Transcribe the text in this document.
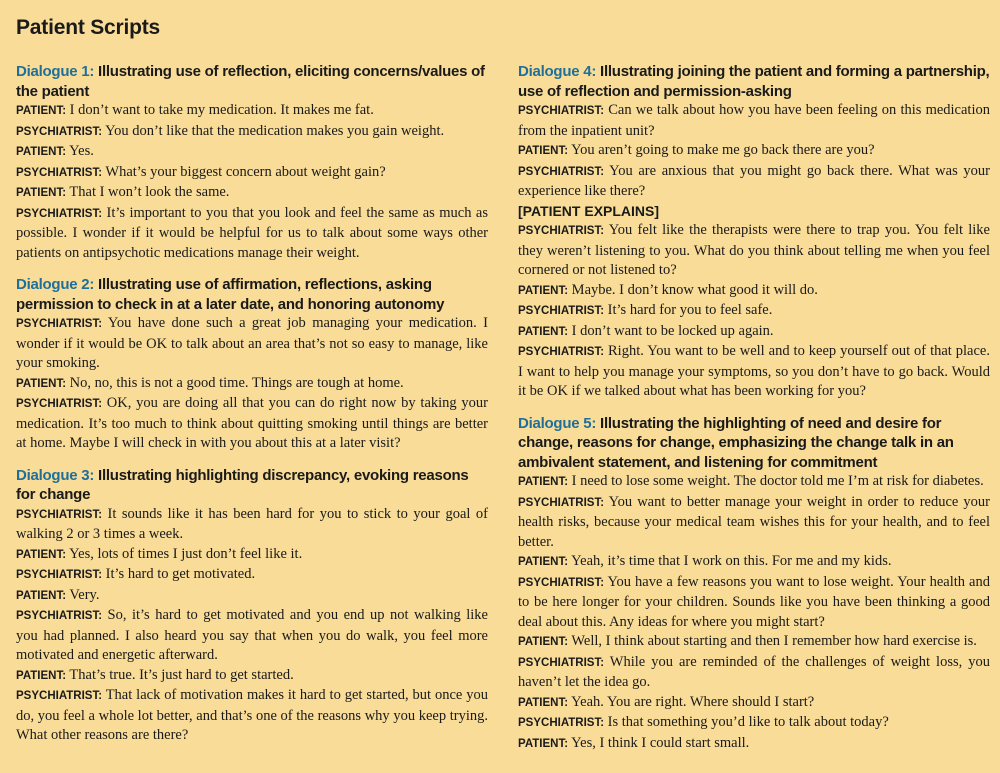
Patient Scripts
Dialogue 1: Illustrating use of reflection, eliciting concerns/values of the patient
PATIENT: I don’t want to take my medication. It makes me fat.
PSYCHIATRIST: You don’t like that the medication makes you gain weight.
PATIENT: Yes.
PSYCHIATRIST: What’s your biggest concern about weight gain?
PATIENT: That I won’t look the same.
PSYCHIATRIST: It’s important to you that you look and feel the same as much as possible. I wonder if it would be helpful for us to talk about some ways other patients on antipsychotic medications manage their weight.
Dialogue 2: Illustrating use of affirmation, reflections, asking permission to check in at a later date, and honoring autonomy
PSYCHIATRIST: You have done such a great job managing your medication. I wonder if it would be OK to talk about an area that’s not so easy to manage, like your smoking.
PATIENT: No, no, this is not a good time. Things are tough at home.
PSYCHIATRIST: OK, you are doing all that you can do right now by taking your medication. It’s too much to think about quitting smoking until things are better at home. Maybe I will check in with you about this at a later visit?
Dialogue 3: Illustrating highlighting discrepancy, evoking reasons for change
PSYCHIATRIST: It sounds like it has been hard for you to stick to your goal of walking 2 or 3 times a week.
PATIENT: Yes, lots of times I just don’t feel like it.
PSYCHIATRIST: It’s hard to get motivated.
PATIENT: Very.
PSYCHIATRIST: So, it’s hard to get motivated and you end up not walking like you had planned. I also heard you say that when you do walk, you feel more motivated and energetic afterward.
PATIENT: That’s true. It’s just hard to get started.
PSYCHIATRIST: That lack of motivation makes it hard to get started, but once you do, you feel a whole lot better, and that’s one of the reasons why you keep trying. What other reasons are there?
Dialogue 4: Illustrating joining the patient and forming a partnership, use of reflection and permission-asking
PSYCHIATRIST: Can we talk about how you have been feeling on this medication from the inpatient unit?
PATIENT: You aren’t going to make me go back there are you?
PSYCHIATRIST: You are anxious that you might go back there. What was your experience like there?
[PATIENT EXPLAINS]
PSYCHIATRIST: You felt like the therapists were there to trap you. You felt like they weren’t listening to you. What do you think about telling me when you feel cornered or not listened to?
PATIENT: Maybe. I don’t know what good it will do.
PSYCHIATRIST: It’s hard for you to feel safe.
PATIENT: I don’t want to be locked up again.
PSYCHIATRIST: Right. You want to be well and to keep yourself out of that place. I want to help you manage your symptoms, so you don’t have to go back. Would it be OK if we talked about what has been working for you?
Dialogue 5: Illustrating the highlighting of need and desire for change, reasons for change, emphasizing the change talk in an ambivalent statement, and listening for commitment
PATIENT: I need to lose some weight. The doctor told me I’m at risk for diabetes.
PSYCHIATRIST: You want to better manage your weight in order to reduce your health risks, because your medical team wishes this for your health, and to feel better.
PATIENT: Yeah, it’s time that I work on this. For me and my kids.
PSYCHIATRIST: You have a few reasons you want to lose weight. Your health and to be here longer for your children. Sounds like you have been thinking a good deal about this. Any ideas for where you might start?
PATIENT: Well, I think about starting and then I remember how hard exercise is.
PSYCHIATRIST: While you are reminded of the challenges of weight loss, you haven’t let the idea go.
PATIENT: Yeah. You are right. Where should I start?
PSYCHIATRIST: Is that something you’d like to talk about today?
PATIENT: Yes, I think I could start small.
